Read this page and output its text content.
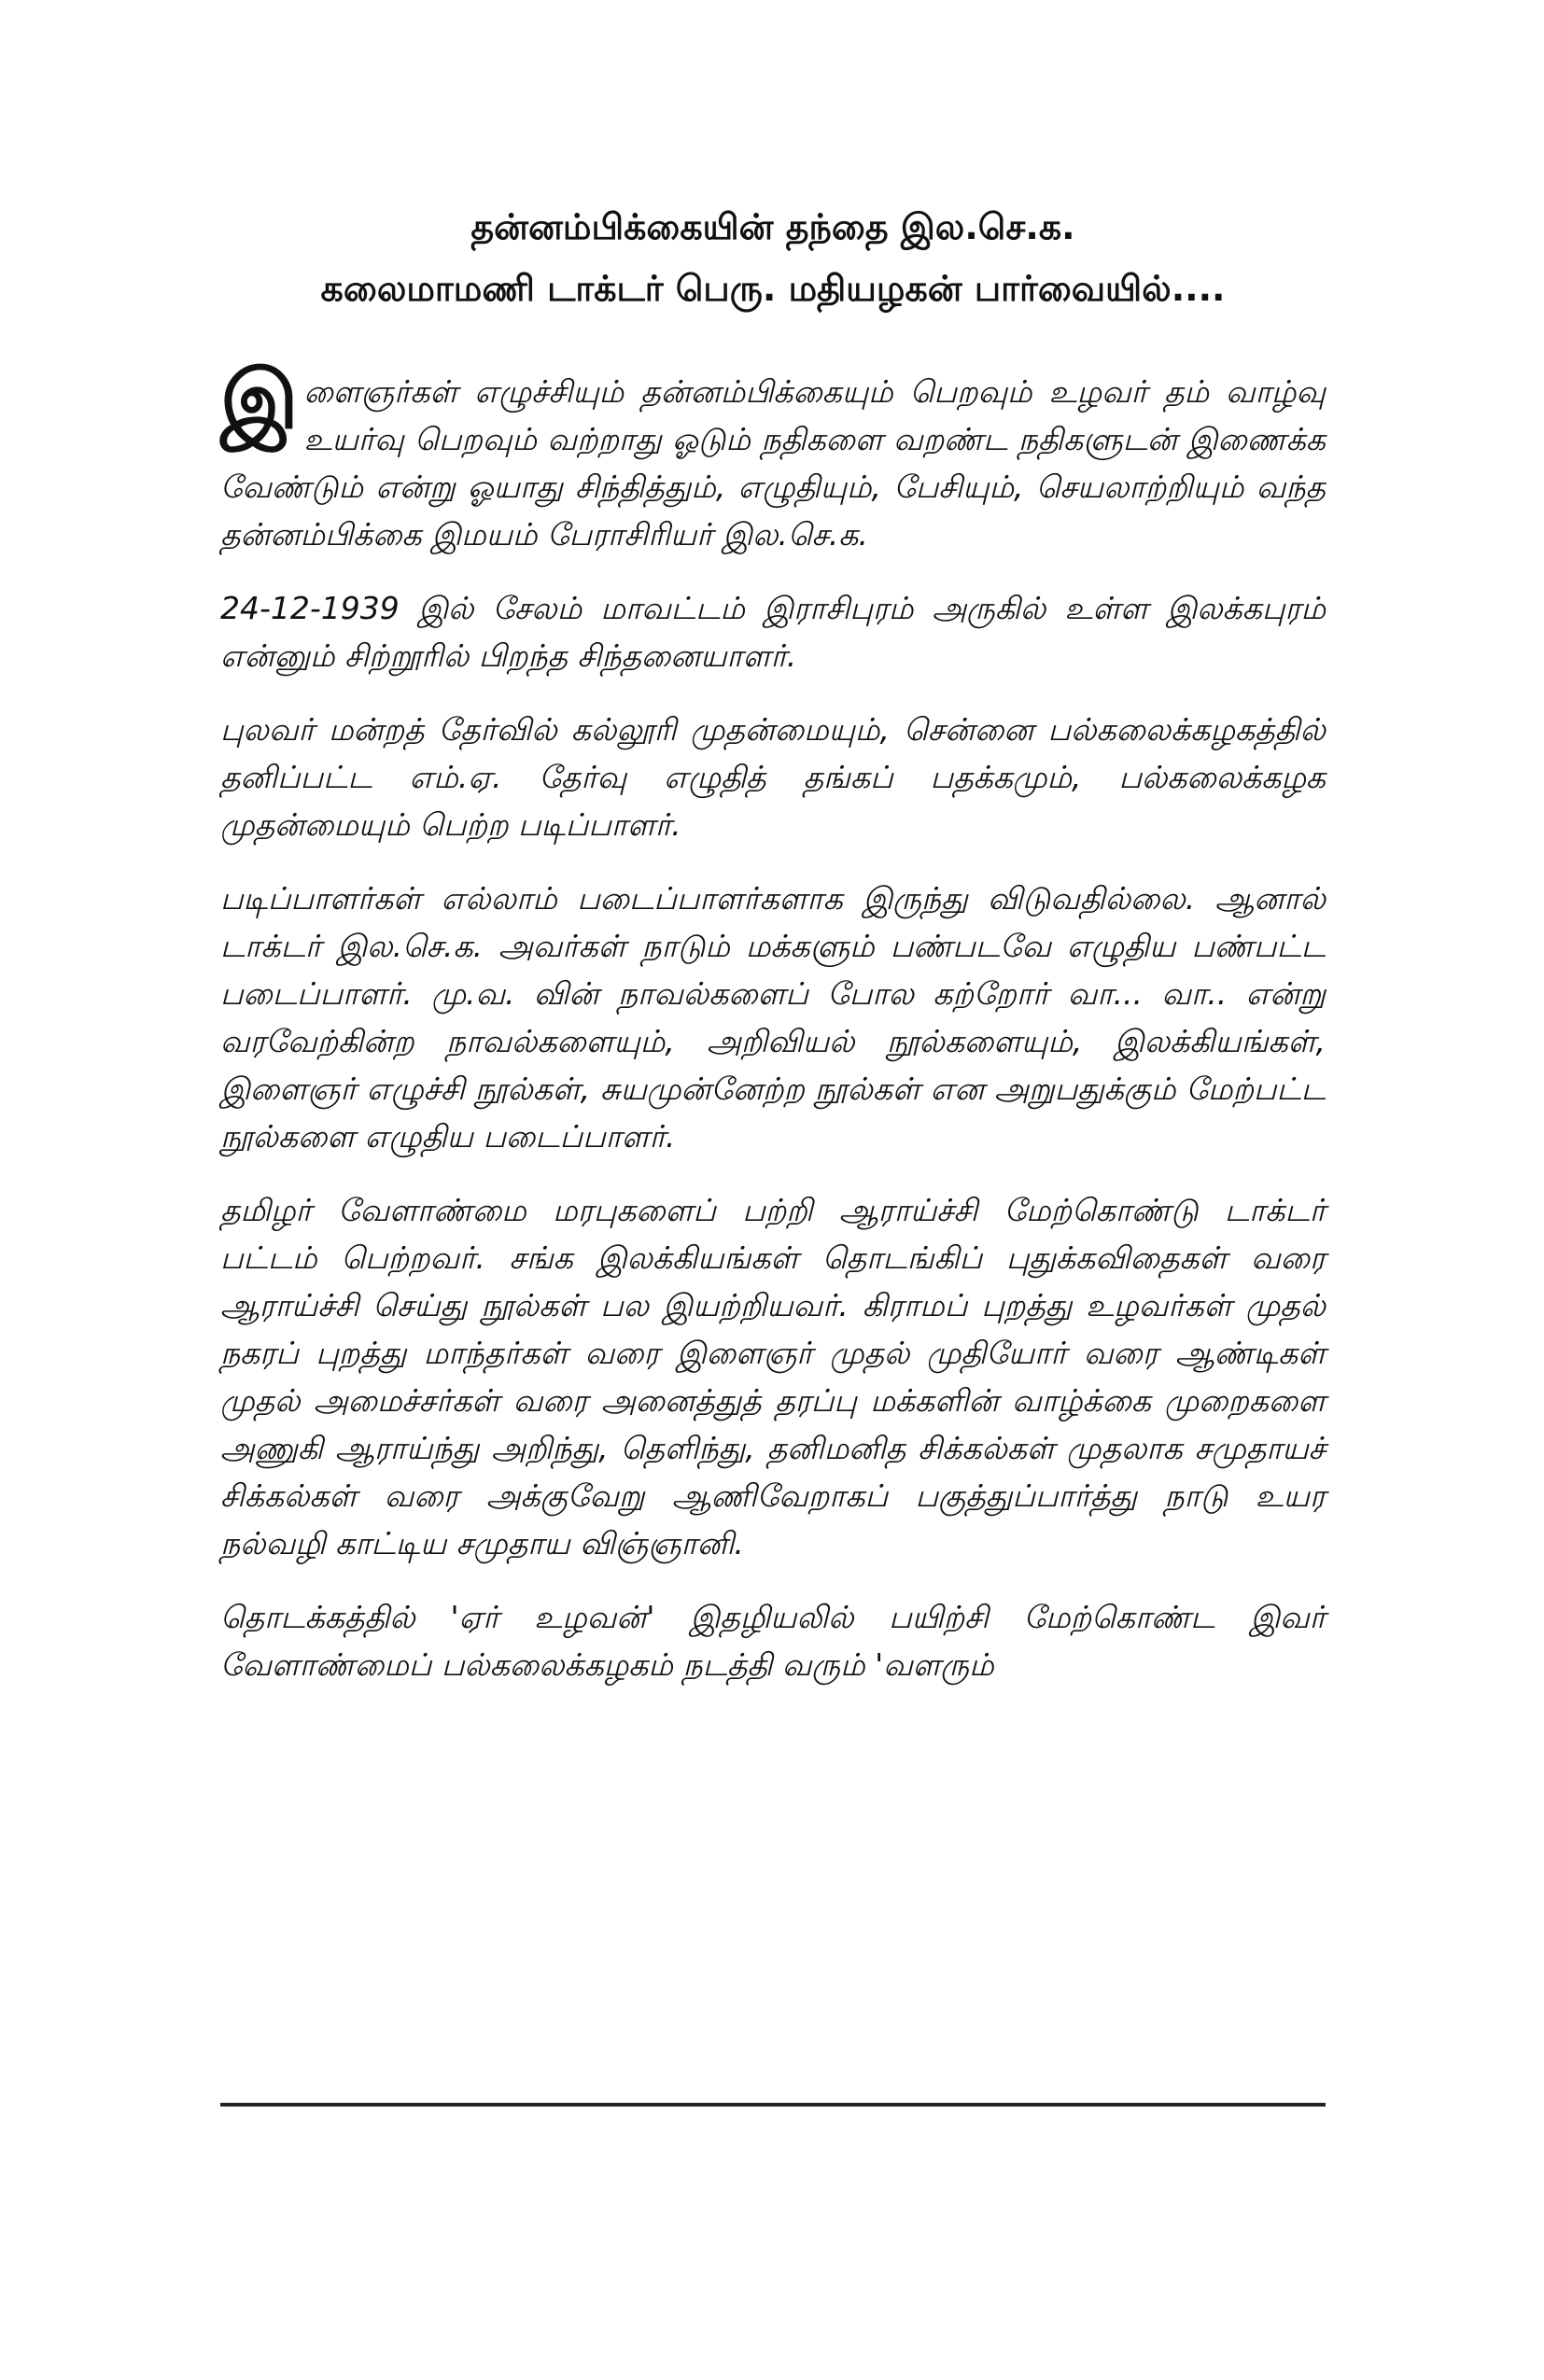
தன்னம்பிக்கையின் தந்தை இல.செ.க.
கலைமாமணி டாக்டர் பெரு. மதியழகன் பார்வையில்....

இளைஞர்கள் எழுச்சியும் தன்னம்பிக்கையும் பெறவும் உழவர் தம் வாழ்வு உயர்வு பெறவும் வற்றாது ஓடும் நதிகளை வறண்ட நதிகளுடன் இணைக்க வேண்டும் என்று ஓயாது சிந்தித்தும், எழுதியும், பேசியும், செயலாற்றியும் வந்த தன்னம்பிக்கை இமயம் பேராசிரியர் இல.செ.க.

24-12-1939 இல் சேலம் மாவட்டம் இராசிபுரம் அருகில் உள்ள இலக்கபுரம் என்னும் சிற்றூரில் பிறந்த சிந்தனையாளர்.

புலவர் மன்றத் தேர்வில் கல்லூரி முதன்மையும், சென்னை பல்கலைக்கழகத்தில் தனிப்பட்ட எம்.ஏ. தேர்வு எழுதித் தங்கப் பதக்கமும், பல்கலைக்கழக முதன்மையும் பெற்ற படிப்பாளர்.

படிப்பாளர்கள் எல்லாம் படைப்பாளர்களாக இருந்து விடுவதில்லை. ஆனால் டாக்டர் இல.செ.க. அவர்கள் நாடும் மக்களும் பண்படவே எழுதிய பண்பட்ட படைப்பாளர். மு.வ. வின் நாவல்களைப் போல கற்றோர் வா... வா.. என்று வரவேற்கின்ற நாவல்களையும், அறிவியல் நூல்களையும், இலக்கியங்கள், இளைஞர் எழுச்சி நூல்கள், சுயமுன்னேற்ற நூல்கள் என அறுபதுக்கும் மேற்பட்ட நூல்களை எழுதிய படைப்பாளர்.

தமிழர் வேளாண்மை மரபுகளைப் பற்றி ஆராய்ச்சி மேற்கொண்டு டாக்டர் பட்டம் பெற்றவர். சங்க இலக்கியங்கள் தொடங்கிப் புதுக்கவிதைகள் வரை ஆராய்ச்சி செய்து நூல்கள் பல இயற்றியவர். கிராமப் புறத்து உழவர்கள் முதல் நகரப் புறத்து மாந்தர்கள் வரை இளைஞர் முதல் முதியோர் வரை ஆண்டிகள் முதல் அமைச்சர்கள் வரை அனைத்துத் தரப்பு மக்களின் வாழ்க்கை முறைகளை அணுகி ஆராய்ந்து அறிந்து, தெளிந்து, தனிமனித சிக்கல்கள் முதலாக சமுதாயச் சிக்கல்கள் வரை அக்குவேறு ஆணிவேறாகப் பகுத்துப்பார்த்து நாடு உயர நல்வழி காட்டிய சமுதாய விஞ்ஞானி.

தொடக்கத்தில் 'ஏர் உழவன்' இதழியலில் பயிற்சி மேற்கொண்ட இவர் வேளாண்மைப் பல்கலைக்கழகம் நடத்தி வரும் 'வளரும்
